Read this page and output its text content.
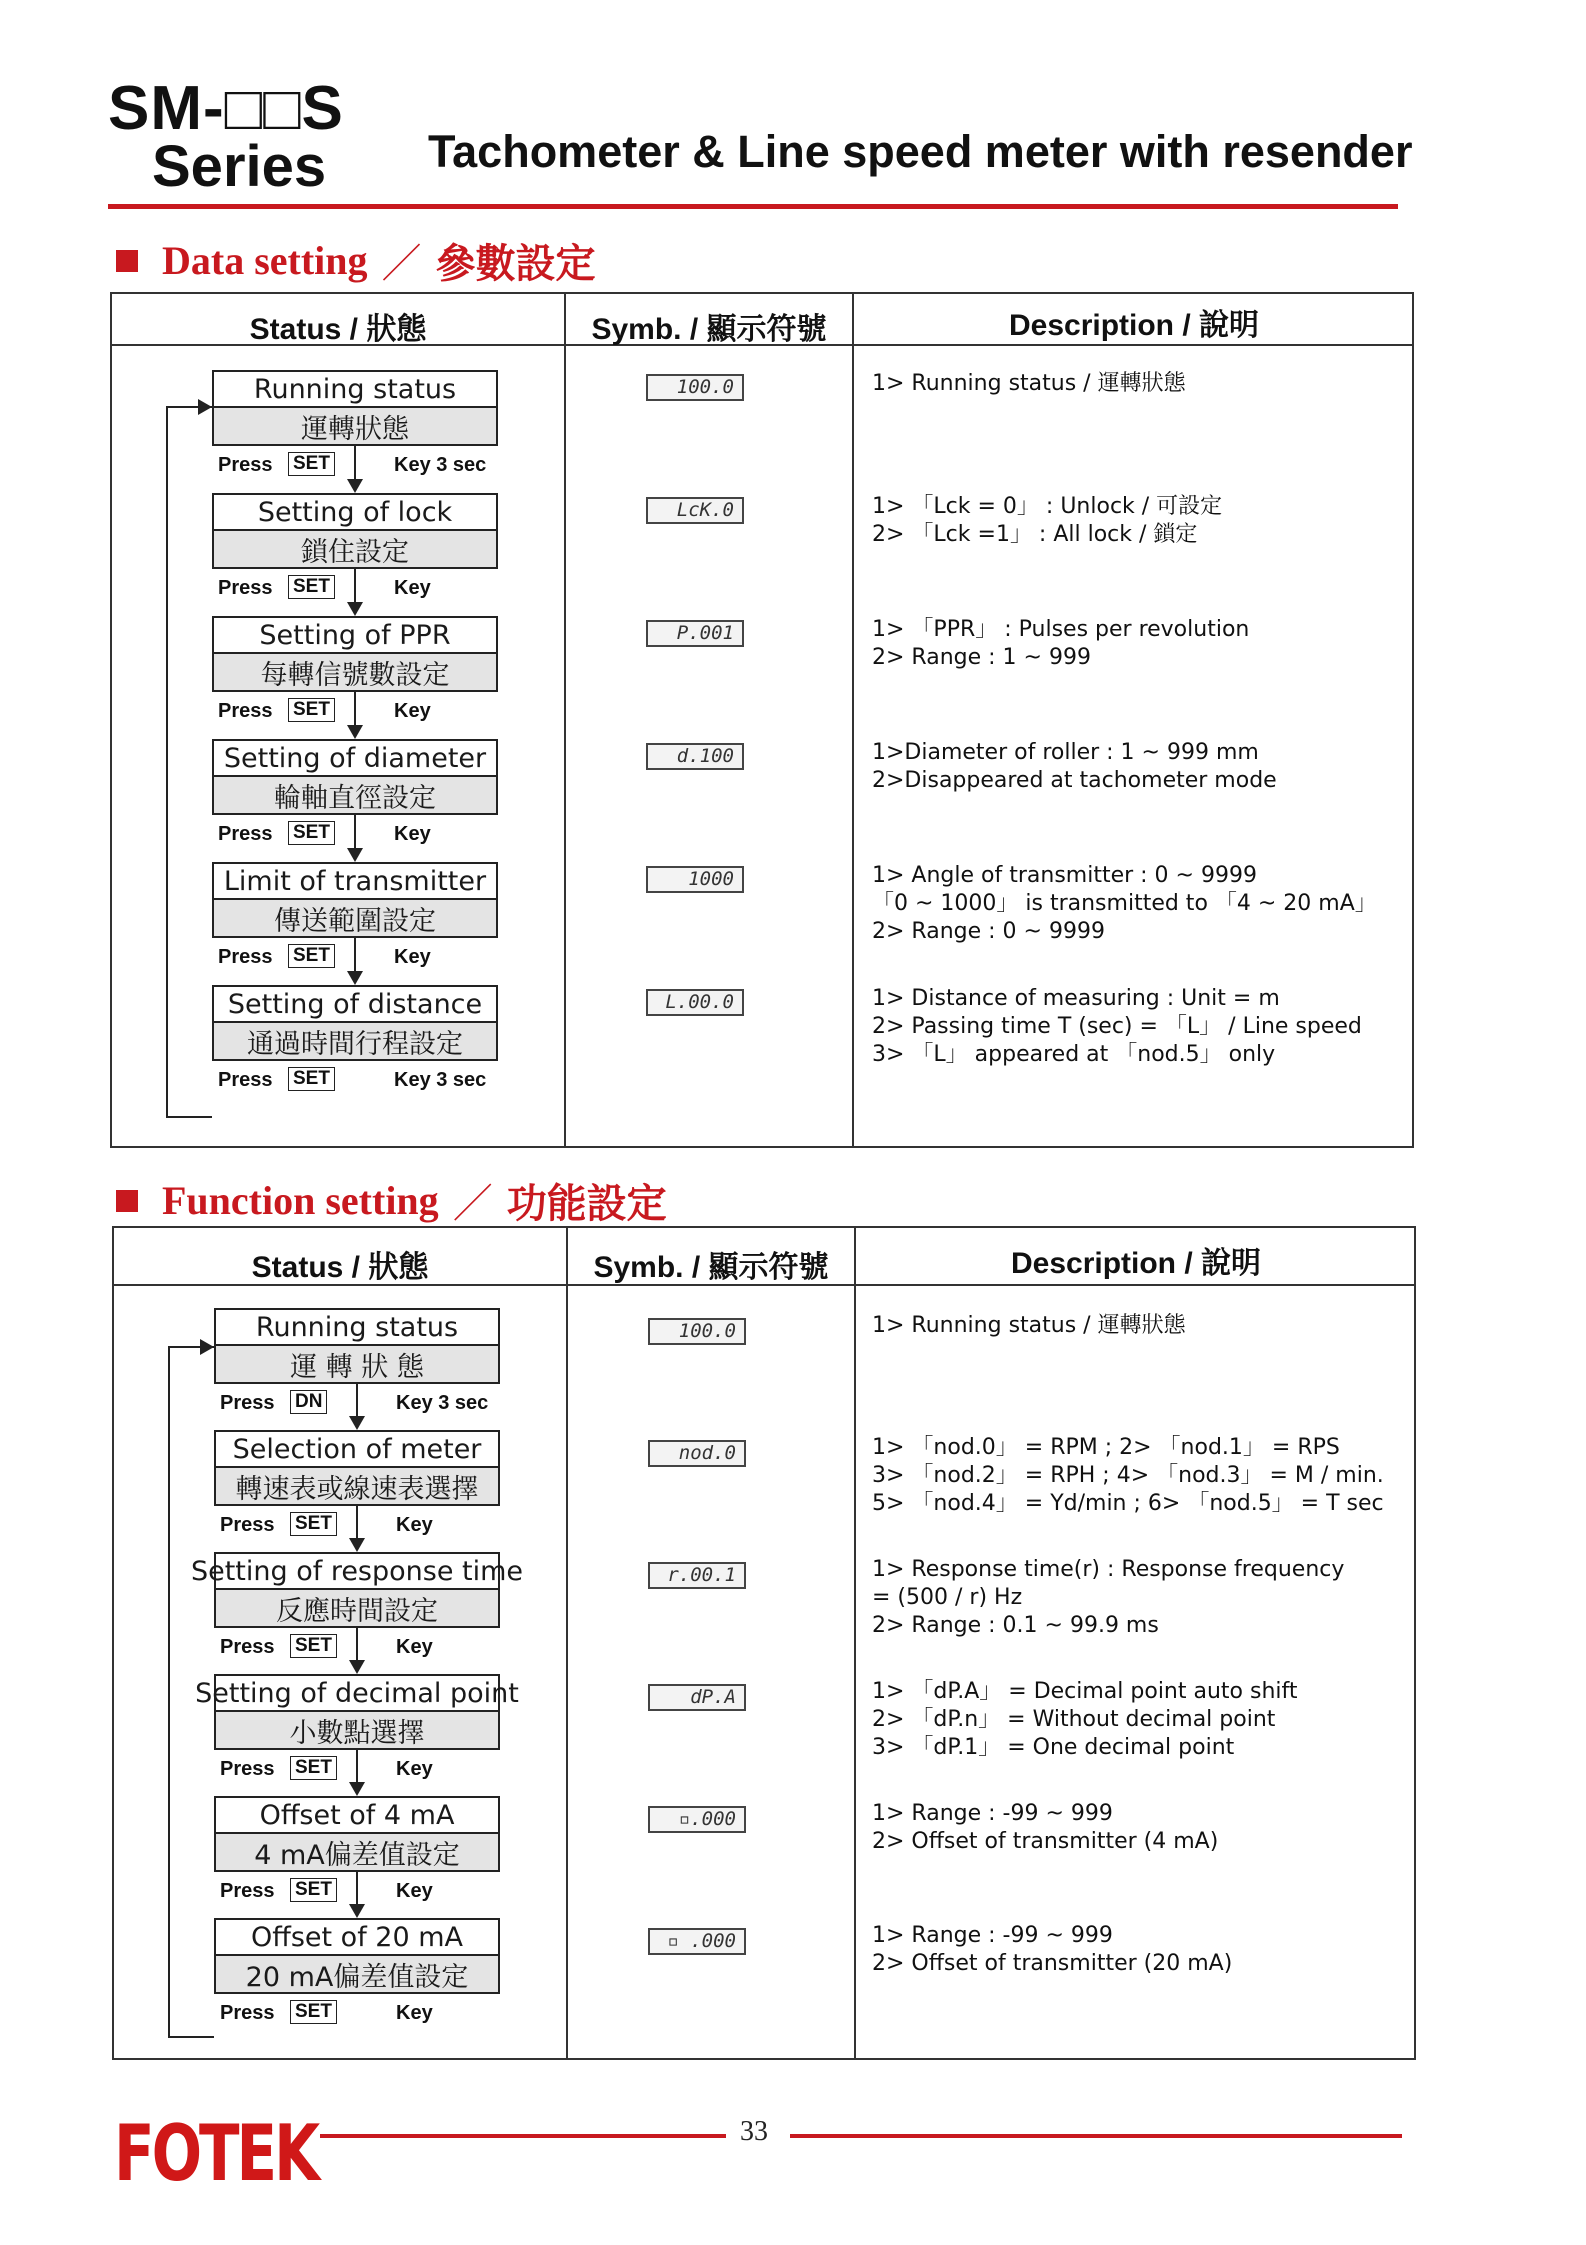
SM-□□S
Series	Tachometer & Line speed meter with resender
Data setting ／ 參數設定
Status / 狀態	Symb. / 顯示符號	Description / 說明
Running status
運轉狀態
Press SET	Key 3 sec
100.0	1> Running status / 運轉狀態
Setting of lock
鎖住設定
Press SET	Key
LcK.0	1> 「Lck = 0」 : Unlock / 可設定
2> 「Lck =1」 : All lock / 鎖定
Setting of PPR
每轉信號數設定
Press SET	Key
P.001	1> 「PPR」 : Pulses per revolution
2> Range : 1 ~ 999
Setting of diameter
輪軸直徑設定
Press SET	Key
d.100	1>Diameter of roller : 1 ~ 999 mm
2>Disappeared at tachometer mode
Limit of transmitter
傳送範圍設定
Press SET	Key
1000	1> Angle of transmitter : 0 ~ 9999
「0 ~ 1000」 is transmitted to 「4 ~ 20 mA」
2> Range : 0 ~ 9999
Setting of distance
通過時間行程設定
Press SET	Key 3 sec
L.00.0	1> Distance of measuring : Unit = m
2> Passing time T (sec) = 「L」 / Line speed
3> 「L」 appeared at 「nod.5」 only
Function setting ／ 功能設定
Status / 狀態	Symb. / 顯示符號	Description / 說明
Running status
運 轉 狀 態
Press DN	Key 3 sec
100.0	1> Running status / 運轉狀態
Selection of meter
轉速表或線速表選擇
Press SET	Key
nod.0	1> 「nod.0」 = RPM ; 2> 「nod.1」 = RPS
3> 「nod.2」 = RPH ; 4> 「nod.3」 = M / min.
5> 「nod.4」 = Yd/min ; 6> 「nod.5」 = T sec
Setting of response time
反應時間設定
Press SET	Key
r.00.1	1> Response time(r) : Response frequency
= (500 / r) Hz
2> Range : 0.1 ~ 99.9 ms
Setting of decimal point
小數點選擇
Press SET	Key
dP.A	1> 「dP.A」 = Decimal point auto shift
2> 「dP.n」 = Without decimal point
3> 「dP.1」 = One decimal point
Offset of 4 mA
4 mA偏差值設定
Press SET	Key
▫.000	1> Range : -99 ~ 999
2> Offset of transmitter (4 mA)
Offset of 20 mA
20 mA偏差值設定
Press SET	Key
▫ .000	1> Range : -99 ~ 999
2> Offset of transmitter (20 mA)
FOTEK	33
